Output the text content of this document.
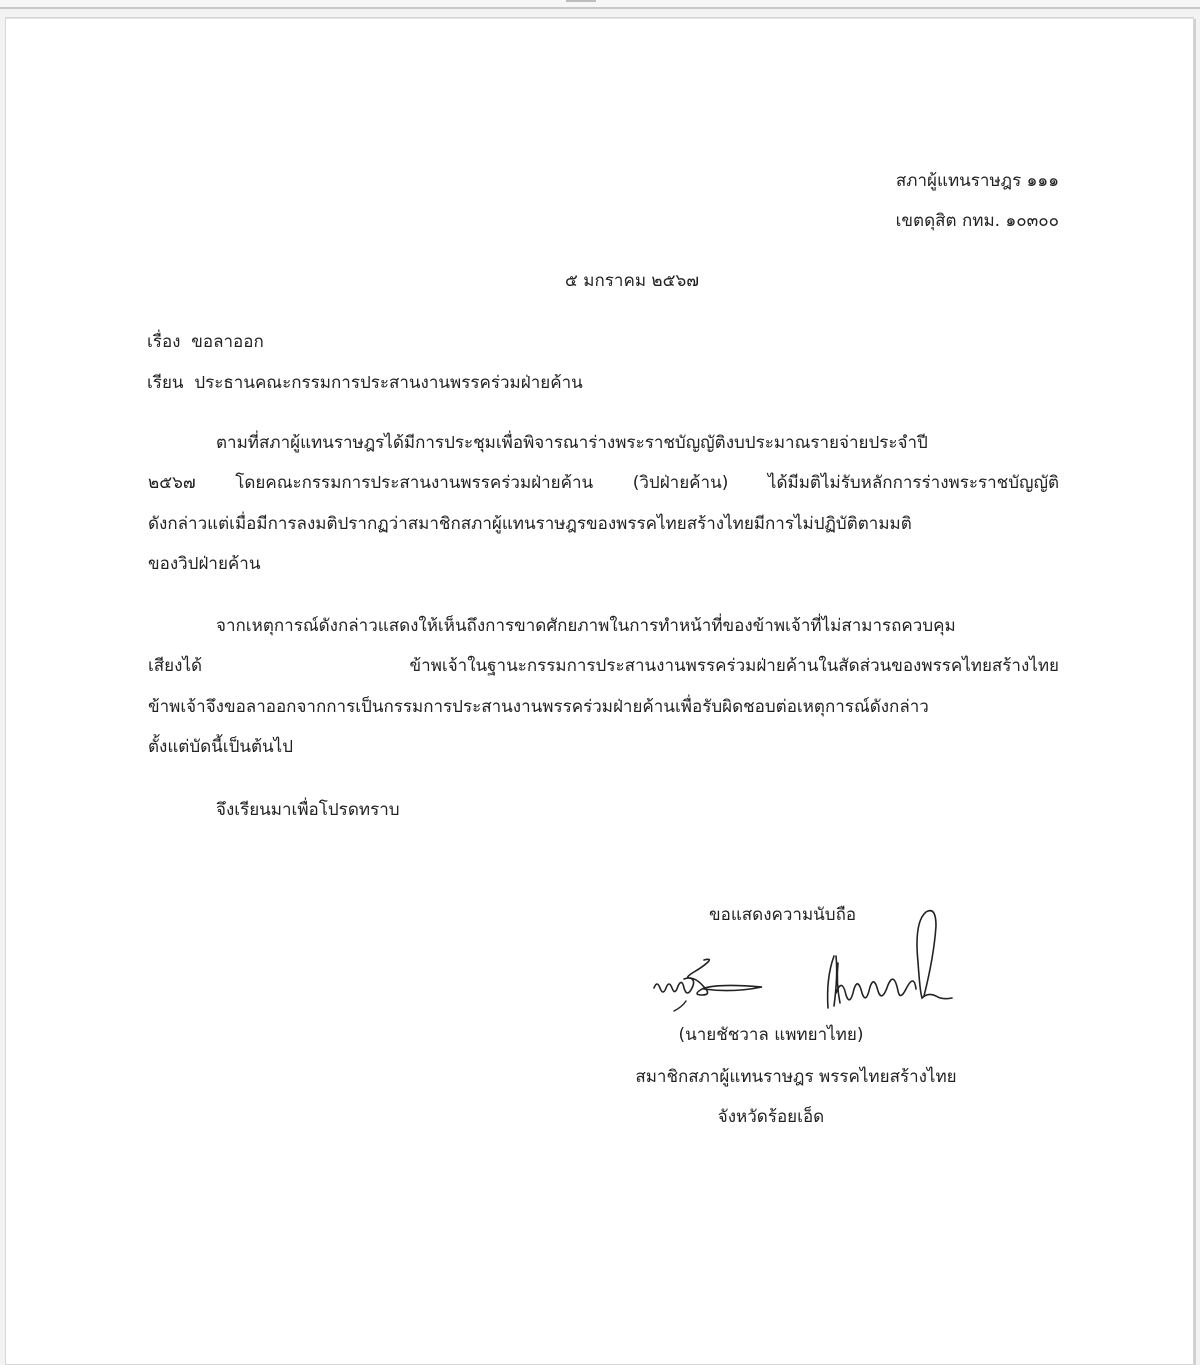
สภาผู้แทนราษฎร ๑๑๑
เขตดุสิต กทม. ๑๐๓๐๐
๕ มกราคม ๒๕๖๗
เรื่อง ขอลาออก
เรียน ประธานคณะกรรมการประสานงานพรรคร่วมฝ่ายค้าน
ตามที่สภาผู้แทนราษฎรได้มีการประชุมเพื่อพิจารณาร่างพระราชบัญญัติงบประมาณรายจ่ายประจำปี
๒๕๖๗ โดยคณะกรรมการประสานงานพรรคร่วมฝ่ายค้าน (วิปฝ่ายค้าน) ได้มีมติไม่รับหลักการร่างพระราชบัญญัติ
ดังกล่าวแต่เมื่อมีการลงมติปรากฏว่าสมาชิกสภาผู้แทนราษฎรของพรรคไทยสร้างไทยมีการไม่ปฏิบัติตามมติ
ของวิปฝ่ายค้าน
จากเหตุการณ์ดังกล่าวแสดงให้เห็นถึงการขาดศักยภาพในการทำหน้าที่ของข้าพเจ้าที่ไม่สามารถควบคุม
เสียงได้ ข้าพเจ้าในฐานะกรรมการประสานงานพรรคร่วมฝ่ายค้านในสัดส่วนของพรรคไทยสร้างไทย
ข้าพเจ้าจึงขอลาออกจากการเป็นกรรมการประสานงานพรรคร่วมฝ่ายค้านเพื่อรับผิดชอบต่อเหตุการณ์ดังกล่าว
ตั้งแต่บัดนี้เป็นต้นไป
จึงเรียนมาเพื่อโปรดทราบ
ขอแสดงความนับถือ
(นายชัชวาล แพทยาไทย)
สมาชิกสภาผู้แทนราษฎร พรรคไทยสร้างไทย
จังหวัดร้อยเอ็ด
